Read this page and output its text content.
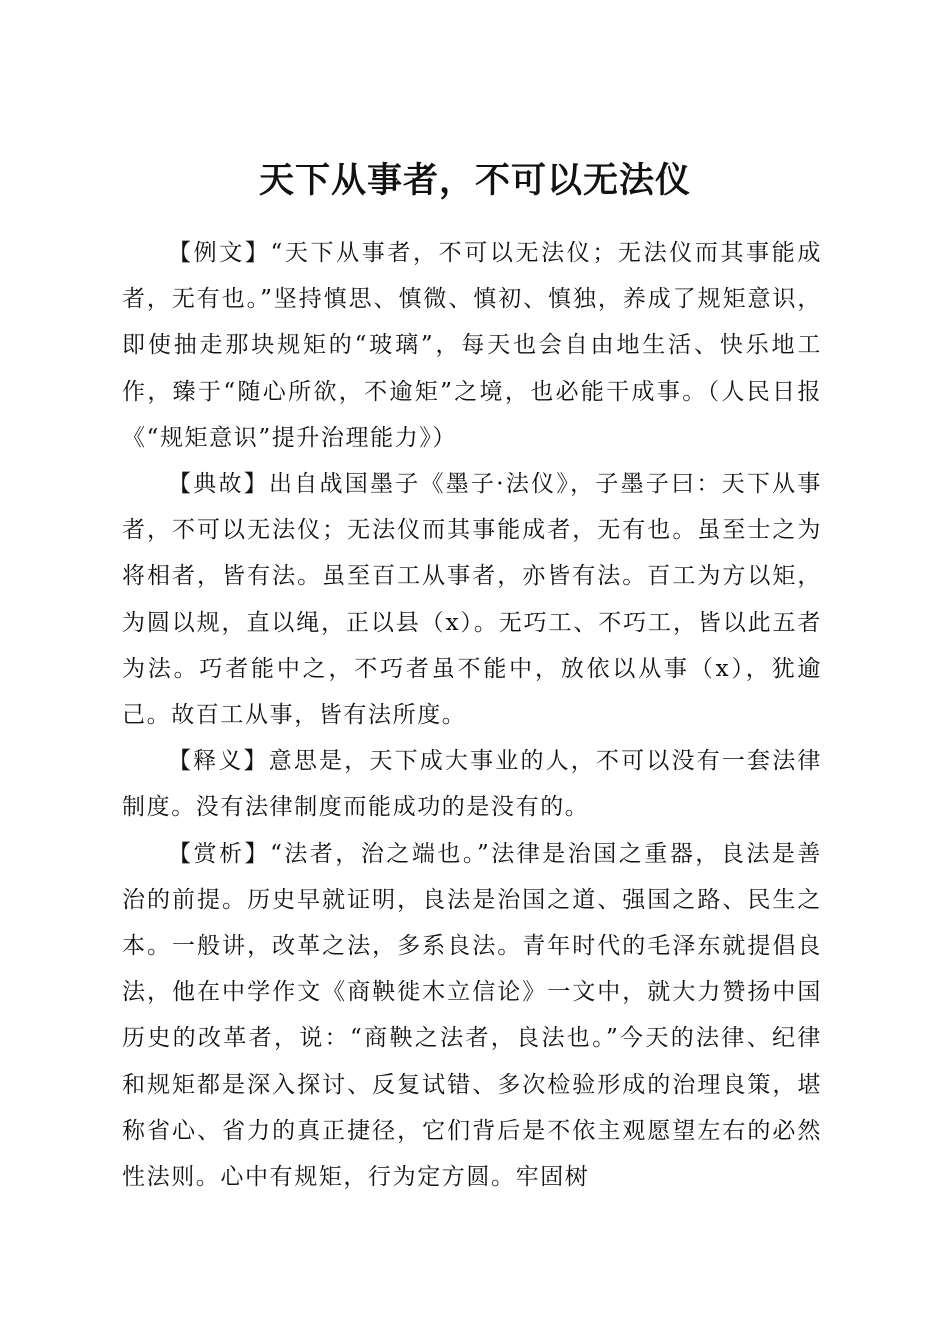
天下从事者，不可以无法仪

【例文】“天下从事者，不可以无法仪；无法仪而其事能成者，无有也。”坚持慎思、慎微、慎初、慎独，养成了规矩意识，即使抽走那块规矩的“玻璃”，每天也会自由地生活、快乐地工作，臻于“随心所欲，不逾矩”之境，也必能干成事。（人民日报《“规矩意识”提升治理能力》）

【典故】出自战国墨子《墨子·法仪》，子墨子曰：天下从事者，不可以无法仪；无法仪而其事能成者，无有也。虽至士之为将相者，皆有法。虽至百工从事者，亦皆有法。百工为方以矩，为圆以规，直以绳，正以县（x）。无巧工、不巧工，皆以此五者为法。巧者能中之，不巧者虽不能中，放依以从事（x），犹逾己。故百工从事，皆有法所度。

【释义】意思是，天下成大事业的人，不可以没有一套法律制度。没有法律制度而能成功的是没有的。

【赏析】“法者，治之端也。”法律是治国之重器，良法是善治的前提。历史早就证明，良法是治国之道、强国之路、民生之本。一般讲，改革之法，多系良法。青年时代的毛泽东就提倡良法，他在中学作文《商鞅徙木立信论》一文中，就大力赞扬中国历史的改革者，说：“商鞅之法者，良法也。”今天的法律、纪律和规矩都是深入探讨、反复试错、多次检验形成的治理良策，堪称省心、省力的真正捷径，它们背后是不依主观愿望左右的必然性法则。心中有规矩，行为定方圆。牢固树
